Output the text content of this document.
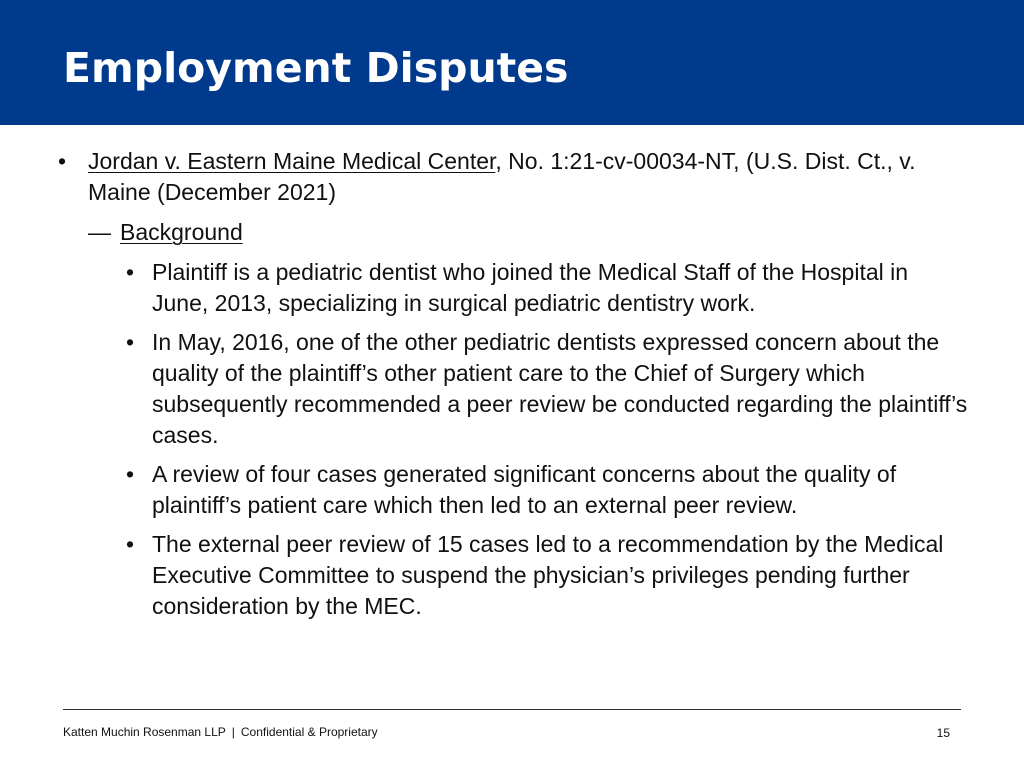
Employment Disputes

• Jordan v. Eastern Maine Medical Center, No. 1:21-cv-00034-NT, (U.S. Dist. Ct., v. Maine (December 2021)

— Background
• Plaintiff is a pediatric dentist who joined the Medical Staff of the Hospital in June, 2013, specializing in surgical pediatric dentistry work.
• In May, 2016, one of the other pediatric dentists expressed concern about the quality of the plaintiff’s other patient care to the Chief of Surgery which subsequently recommended a peer review be conducted regarding the plaintiff’s cases.
• A review of four cases generated significant concerns about the quality of plaintiff’s patient care which then led to an external peer review.
• The external peer review of 15 cases led to a recommendation by the Medical Executive Committee to suspend the physician’s privileges pending further consideration by the MEC.
Katten Muchin Rosenman LLP | Confidential & Proprietary	15
